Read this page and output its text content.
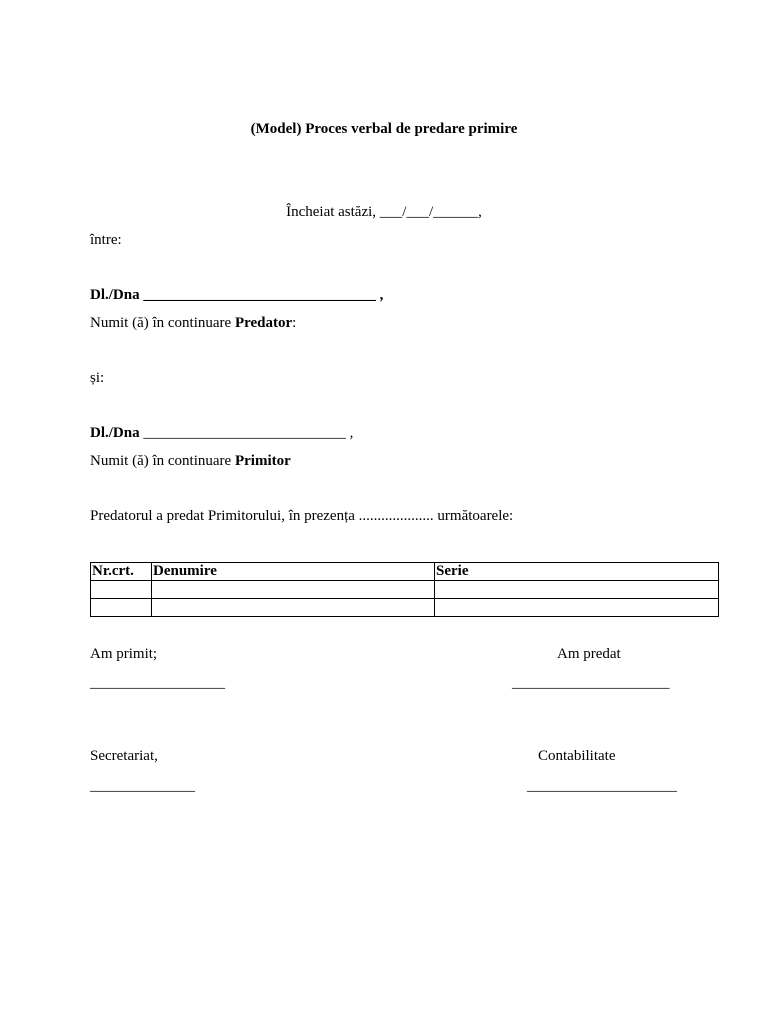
(Model) Proces verbal de predare primire
Încheiat astăzi, ___/___/______,
între:
Dl./Dna _______________________________ ,
Numit (ă) în continuare Predator:
și:
Dl./Dna ___________________________ ,
Numit (ă) în continuare Primitor
Predatorul a predat Primitorului, în prezența .................... următoarele:
Nr.crt.	Denumire	Serie

Am primit;
__________________
Am predat
_____________________
Secretariat,
______________
Contabilitate
____________________
